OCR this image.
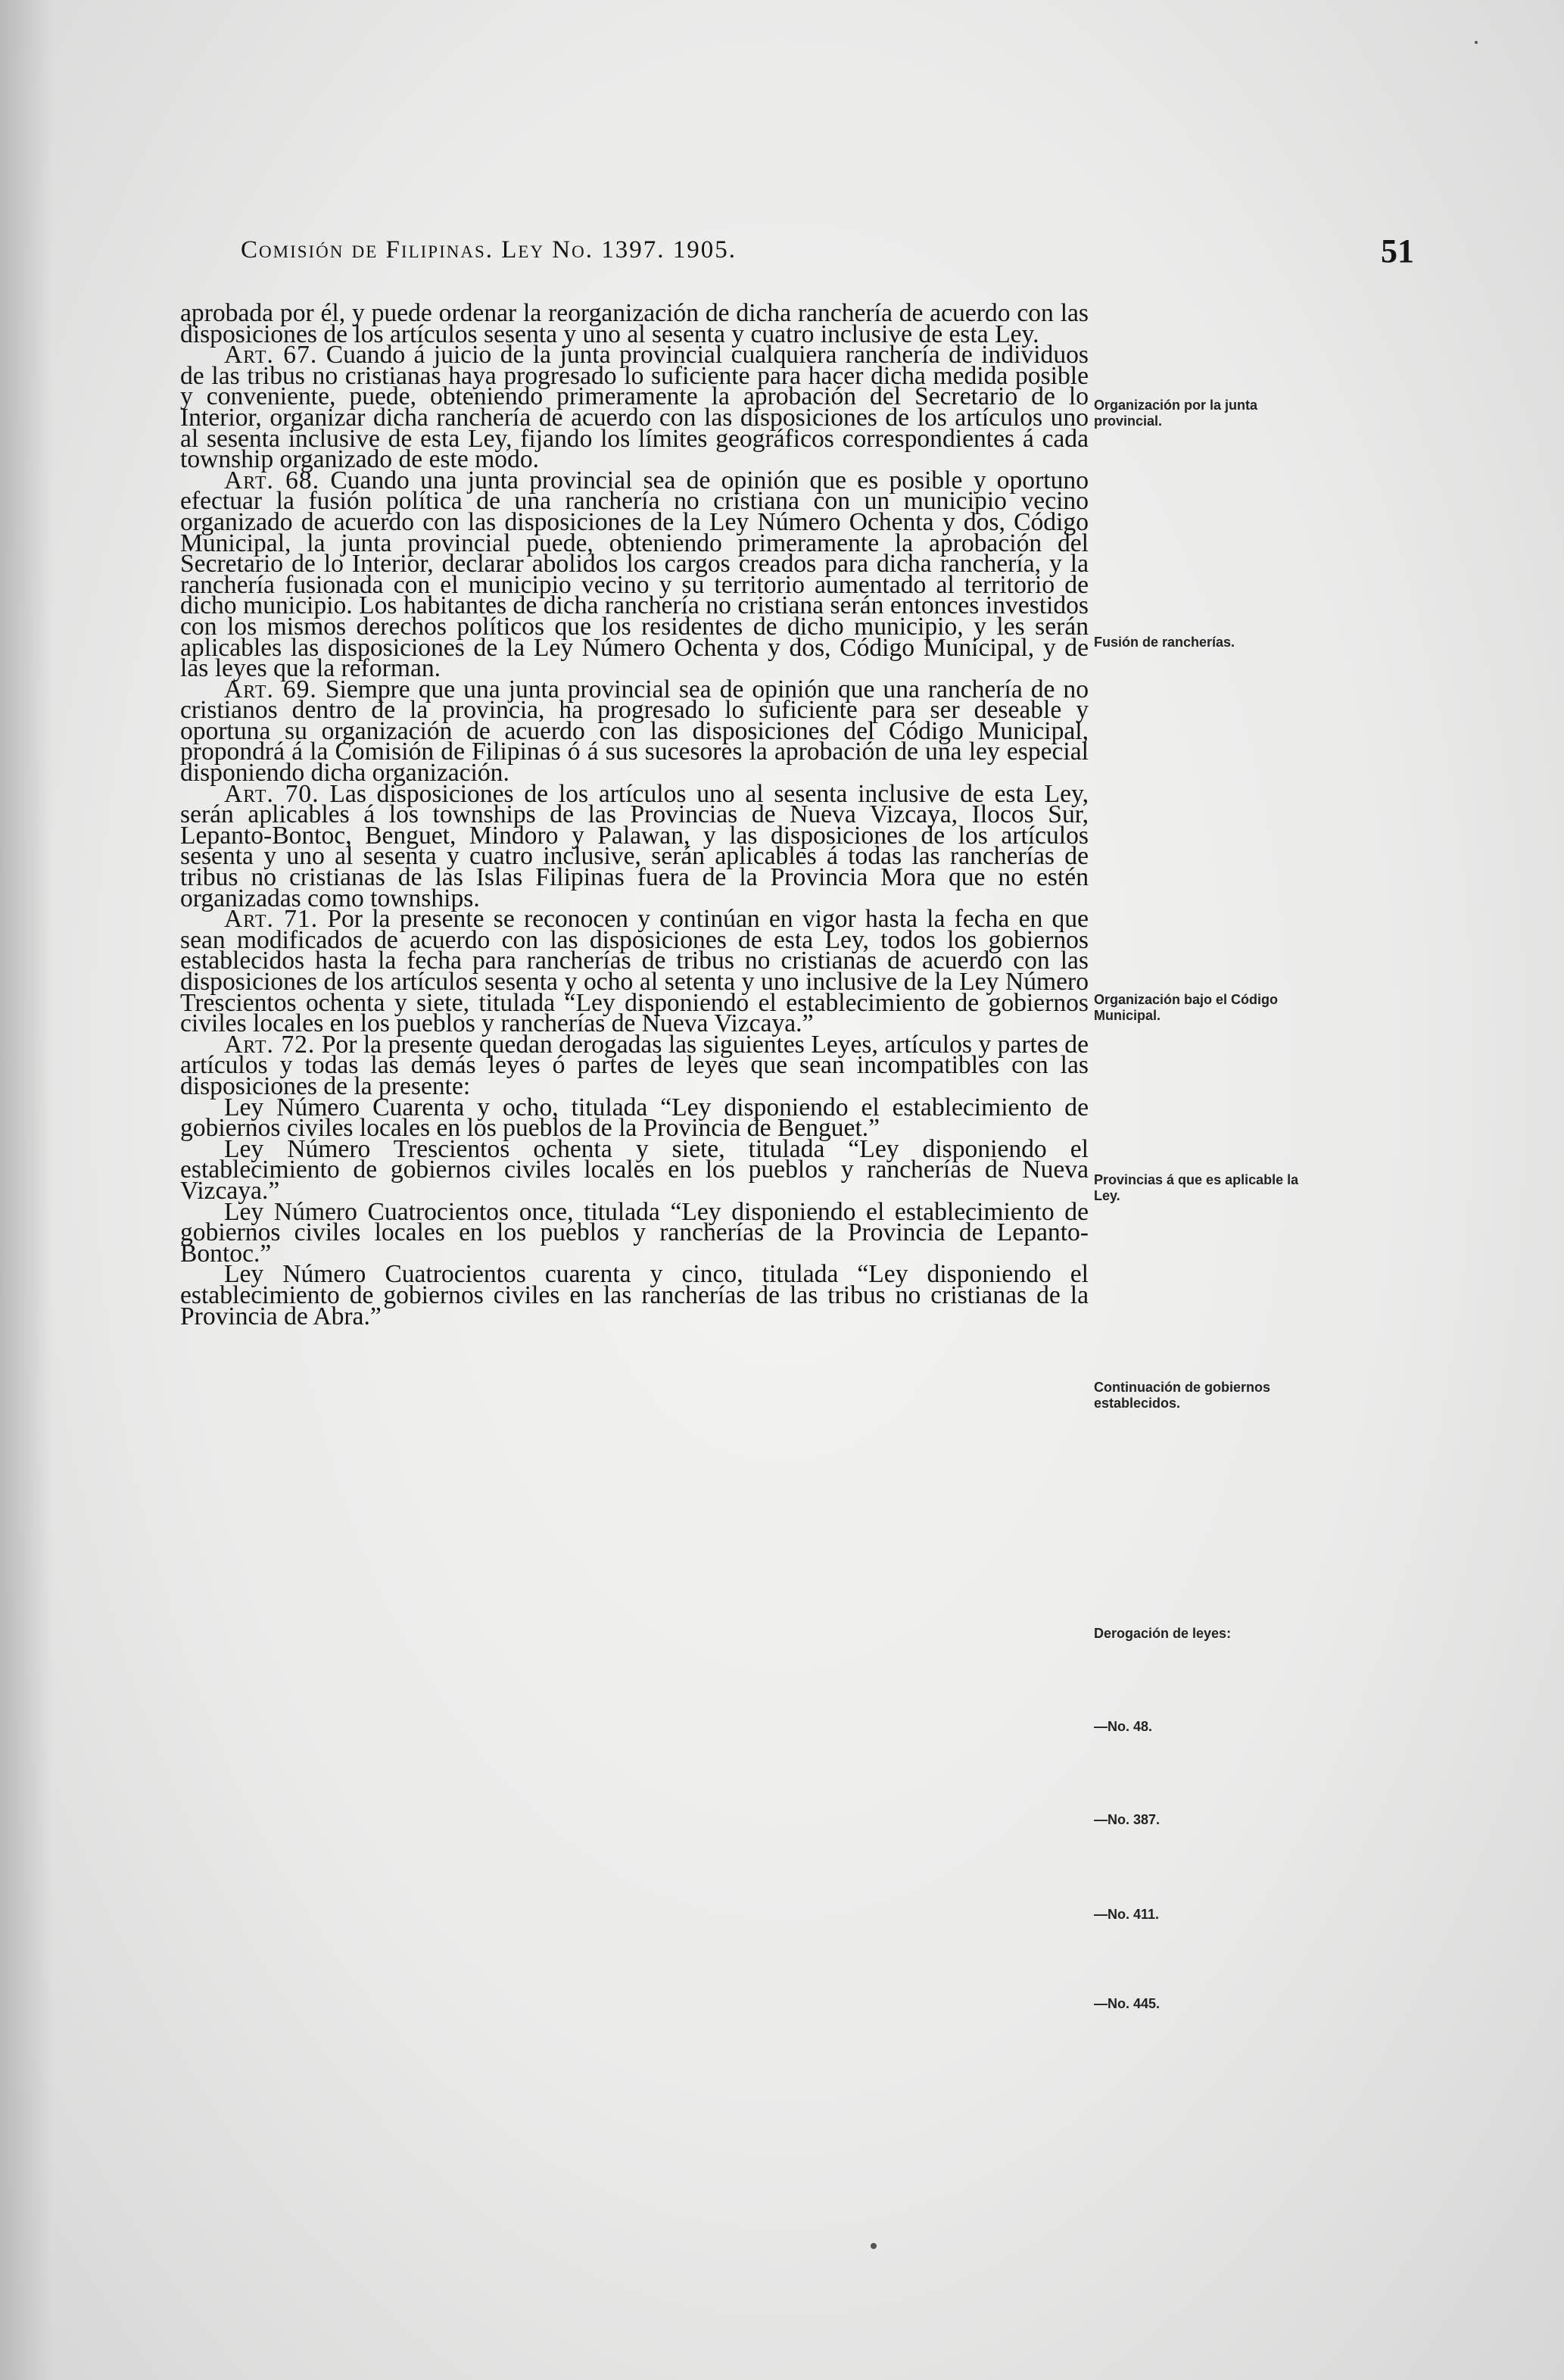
Comisión de Filipinas. Ley No. 1397. 1905.	51

aprobada por él, y puede ordenar la reorganización de dicha ranchería de acuerdo con las disposiciones de los artículos sesenta y uno al sesenta y cuatro inclusive de esta Ley.
Art. 67. Cuando á juicio de la junta provincial cualquiera ranchería de individuos de las tribus no cristianas haya progresado lo suficiente para hacer dicha medida posible y conveniente, puede, obteniendo primeramente la aprobación del Secretario de lo Interior, organizar dicha ranchería de acuerdo con las disposiciones de los artículos uno al sesenta inclusive de esta Ley, fijando los límites geográficos correspondientes á cada township organizado de este modo.
Art. 68. Cuando una junta provincial sea de opinión que es posible y oportuno efectuar la fusión política de una ranchería no cristiana con un municipio vecino organizado de acuerdo con las disposiciones de la Ley Número Ochenta y dos, Código Municipal, la junta provincial puede, obteniendo primeramente la aprobación del Secretario de lo Interior, declarar abolidos los cargos creados para dicha ranchería, y la ranchería fusionada con el municipio vecino y su territorio aumentado al territorio de dicho municipio. Los habitantes de dicha ranchería no cristiana serán entonces investidos con los mismos derechos políticos que los residentes de dicho municipio, y les serán aplicables las disposiciones de la Ley Número Ochenta y dos, Código Municipal, y de las leyes que la reforman.
Art. 69. Siempre que una junta provincial sea de opinión que una ranchería de no cristianos dentro de la provincia, ha progresado lo suficiente para ser deseable y oportuna su organización de acuerdo con las disposiciones del Código Municipal, propondrá á la Comisión de Filipinas ó á sus sucesores la aprobación de una ley especial disponiendo dicha organización.
Art. 70. Las disposiciones de los artículos uno al sesenta inclusive de esta Ley, serán aplicables á los townships de las Provincias de Nueva Vizcaya, Ilocos Sur, Lepanto-Bontoc, Benguet, Mindoro y Palawan, y las disposiciones de los artículos sesenta y uno al sesenta y cuatro inclusive, serán aplicables á todas las rancherías de tribus no cristianas de las Islas Filipinas fuera de la Provincia Mora que no estén organizadas como townships.
Art. 71. Por la presente se reconocen y continúan en vigor hasta la fecha en que sean modificados de acuerdo con las disposiciones de esta Ley, todos los gobiernos establecidos hasta la fecha para rancherías de tribus no cristianas de acuerdo con las disposiciones de los artículos sesenta y ocho al setenta y uno inclusive de la Ley Número Trescientos ochenta y siete, titulada “Ley disponiendo el establecimiento de gobiernos civiles locales en los pueblos y rancherías de Nueva Vizcaya.”
Art. 72. Por la presente quedan derogadas las siguientes Leyes, artículos y partes de artículos y todas las demás leyes ó partes de leyes que sean incompatibles con las disposiciones de la presente:
Ley Número Cuarenta y ocho, titulada “Ley disponiendo el establecimiento de gobiernos civiles locales en los pueblos de la Provincia de Benguet.”
Ley Número Trescientos ochenta y siete, titulada “Ley disponiendo el establecimiento de gobiernos civiles locales en los pueblos y rancherías de Nueva Vizcaya.”
Ley Número Cuatrocientos once, titulada “Ley disponiendo el establecimiento de gobiernos civiles locales en los pueblos y rancherías de la Provincia de Lepanto-Bontoc.”
Ley Número Cuatrocientos cuarenta y cinco, titulada “Ley disponiendo el establecimiento de gobiernos civiles en las rancherías de las tribus no cristianas de la Provincia de Abra.”

Organización por la junta provincial.
Fusión de rancherías.
Organización bajo el Código Municipal.
Provincias á que es aplicable la Ley.
Continuación de gobiernos establecidos.
Derogación de leyes:
—No. 48.
—No. 387.
—No. 411.
—No. 445.
